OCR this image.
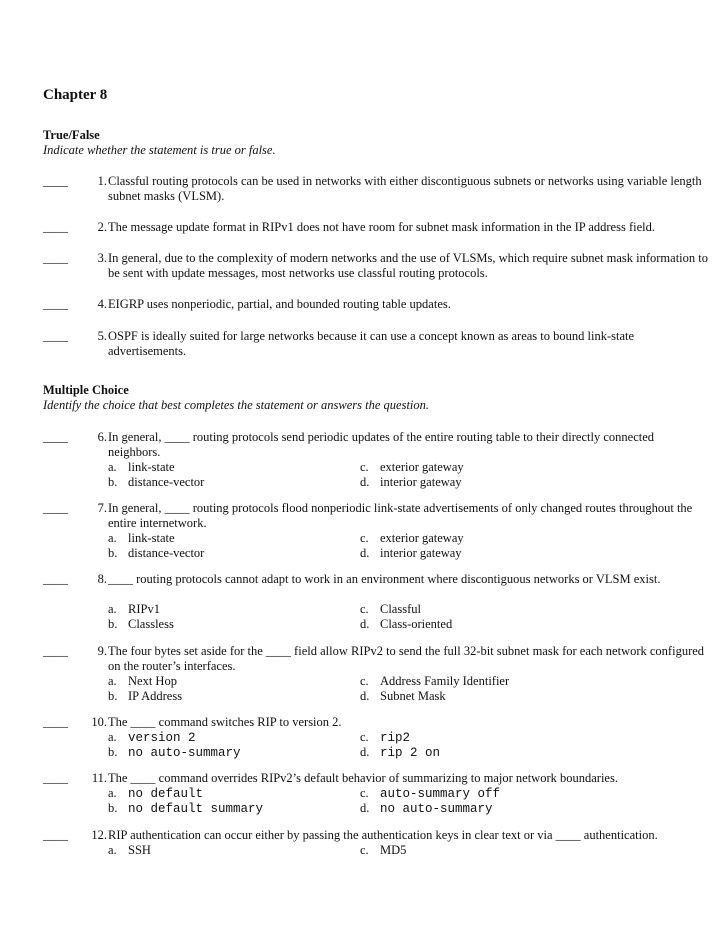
Chapter 8
True/False
Indicate whether the statement is true or false.
____	1. Classful routing protocols can be used in networks with either discontiguous subnets or networks using variable length subnet masks (VLSM).
____	2. The message update format in RIPv1 does not have room for subnet mask information in the IP address field.
____	3. In general, due to the complexity of modern networks and the use of VLSMs, which require subnet mask information to be sent with update messages, most networks use classful routing protocols.
____	4. EIGRP uses nonperiodic, partial, and bounded routing table updates.
____	5. OSPF is ideally suited for large networks because it can use a concept known as areas to bound link-state advertisements.
Multiple Choice
Identify the choice that best completes the statement or answers the question.
____	6. In general, ____ routing protocols send periodic updates of the entire routing table to their directly connected neighbors.
a. link-state
b. distance-vector
c. exterior gateway
d. interior gateway
____	7. In general, ____ routing protocols flood nonperiodic link-state advertisements of only changed routes throughout the entire internetwork.
a. link-state
b. distance-vector
c. exterior gateway
d. interior gateway
____	8. ____ routing protocols cannot adapt to work in an environment where discontiguous networks or VLSM exist.
a. RIPv1
b. Classless
c. Classful
d. Class-oriented
____	9. The four bytes set aside for the ____ field allow RIPv2 to send the full 32-bit subnet mask for each network configured on the router’s interfaces.
a. Next Hop
b. IP Address
c. Address Family Identifier
d. Subnet Mask
____	10. The ____ command switches RIP to version 2.
a. version 2
b. no auto-summary
c. rip2
d. rip 2 on
____	11. The ____ command overrides RIPv2’s default behavior of summarizing to major network boundaries.
a. no default
b. no default summary
c. auto-summary off
d. no auto-summary
____	12. RIP authentication can occur either by passing the authentication keys in clear text or via ____ authentication.
a. SSH	c. MD5
